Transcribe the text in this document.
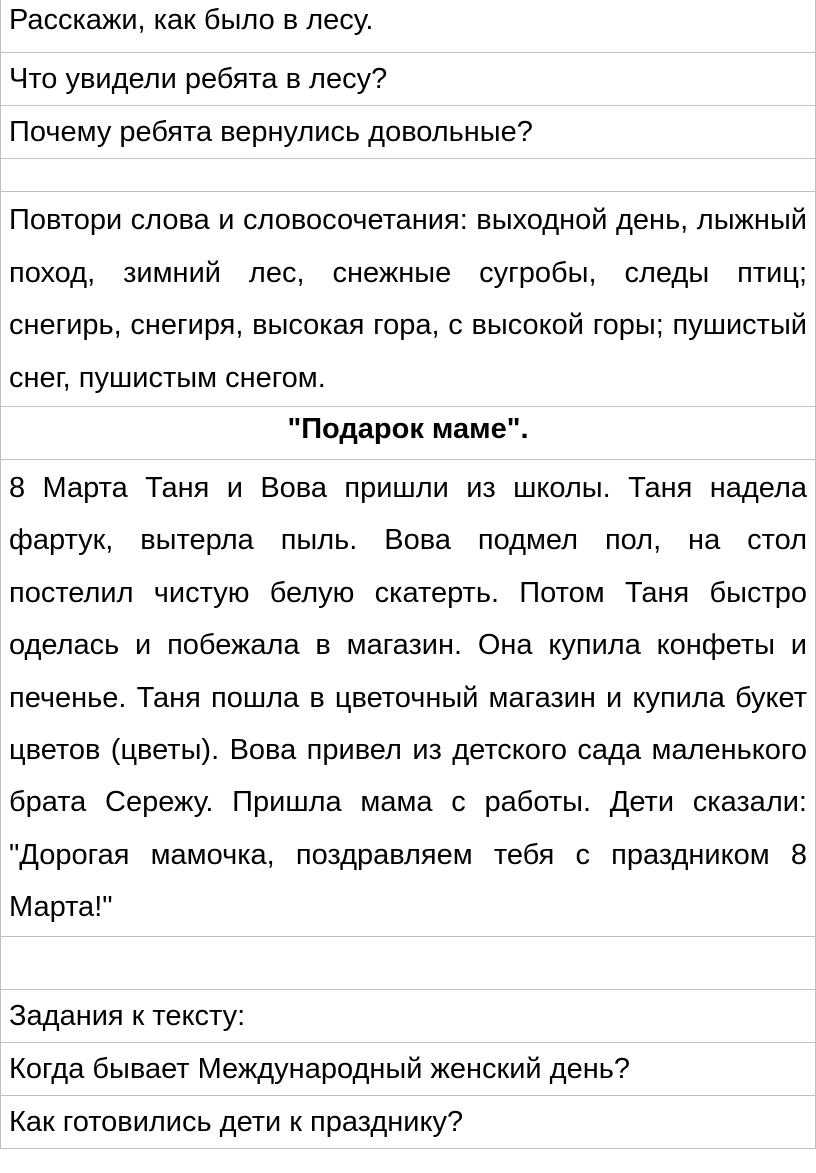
Расскажи, как было в лесу.
Что увидели ребята в лесу?
Почему ребята вернулись довольные?

Повтори слова и словосочетания: выходной день, лыжный поход, зимний лес, снежные сугробы, следы птиц; снегирь, снегиря, высокая гора, с высокой горы; пушистый снег, пушистым снегом.
"Подарок маме".
8 Марта Таня и Вова пришли из школы. Таня надела фартук, вытерла пыль. Вова подмел пол, на стол постелил чистую белую скатерть. Потом Таня быстро оделась и побежала в магазин. Она купила конфеты и печенье. Таня пошла в цветочный магазин и купила букет цветов (цветы). Вова привел из детского сада маленького брата Сережу. Пришла мама с работы. Дети сказали: "Дорогая мамочка, поздравляем тебя с праздником 8 Марта!"

Задания к тексту:
Когда бывает Международный женский день?
Как готовились дети к празднику?
